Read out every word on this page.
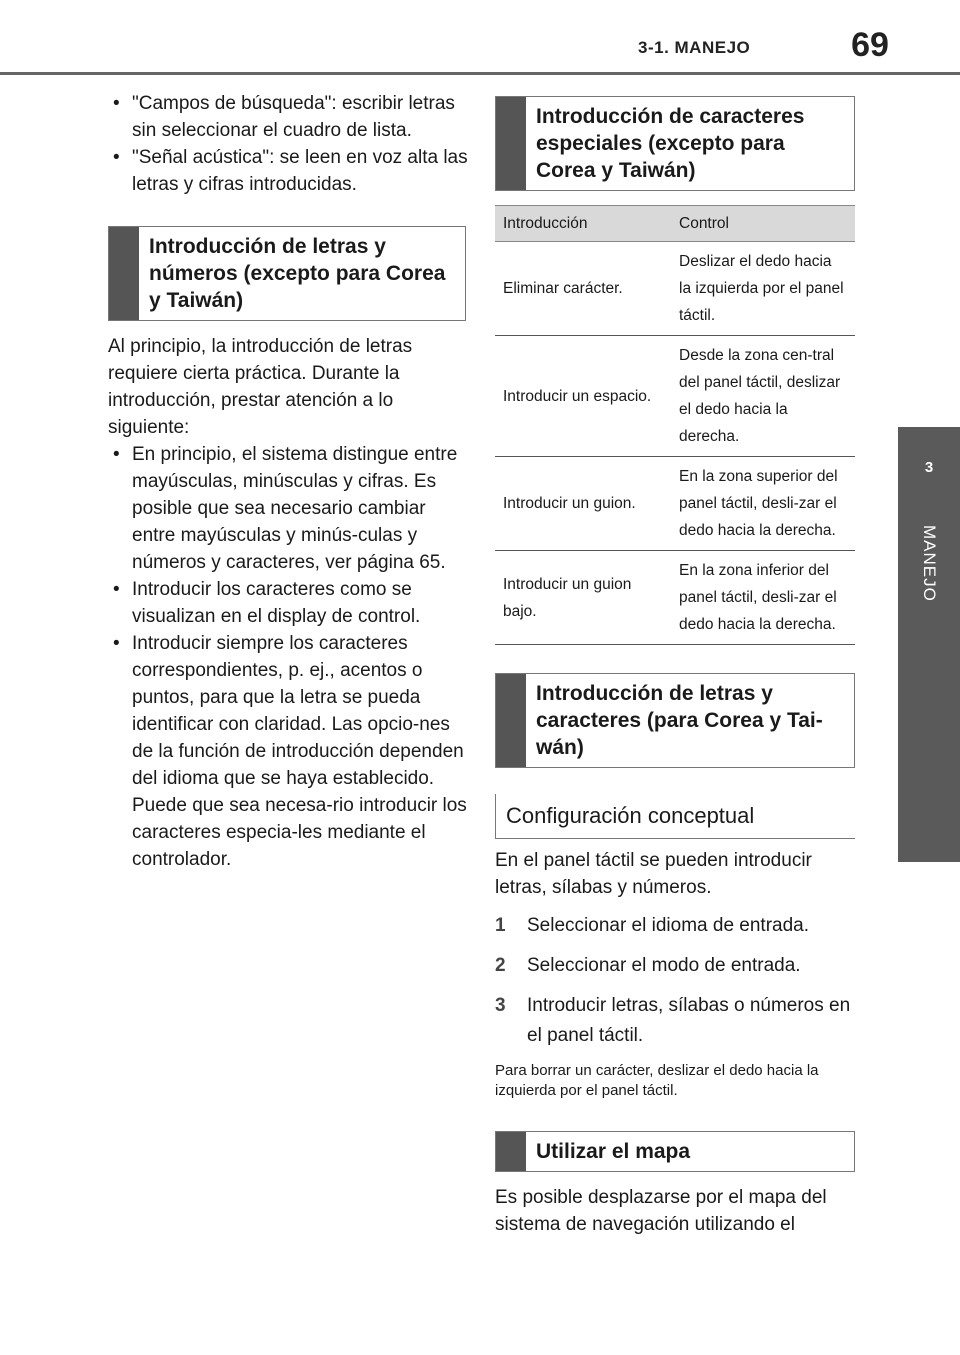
3-1. MANEJO	69
3
MANEJO
• "Campos de búsqueda": escribir letras sin seleccionar el cuadro de lista.
• "Señal acústica": se leen en voz alta las letras y cifras introducidas.
Introducción de letras y números (excepto para Corea y Taiwán)
Al principio, la introducción de letras requiere cierta práctica. Durante la introducción, prestar atención a lo siguiente:
• En principio, el sistema distingue entre mayúsculas, minúsculas y cifras. Es posible que sea necesario cambiar entre mayúsculas y minús-culas y números y caracteres, ver página 65.
• Introducir los caracteres como se visualizan en el display de control.
• Introducir siempre los caracteres correspondientes, p. ej., acentos o puntos, para que la letra se pueda identificar con claridad. Las opcio-nes de la función de introducción dependen del idioma que se haya establecido. Puede que sea necesa-rio introducir los caracteres especia-les mediante el controlador.
Introducción de caracteres especiales (excepto para Corea y Taiwán)
Introducción	Control
Eliminar carácter.	Deslizar el dedo hacia la izquierda por el panel táctil.
Introducir un espacio.	Desde la zona cen-tral del panel táctil, deslizar el dedo hacia la derecha.
Introducir un guion.	En la zona superior del panel táctil, desli-zar el dedo hacia la derecha.
Introducir un guion bajo.	En la zona inferior del panel táctil, desli-zar el dedo hacia la derecha.
Introducción de letras y caracteres (para Corea y Tai-wán)
Configuración conceptual
En el panel táctil se pueden introducir letras, sílabas y números.
1 Seleccionar el idioma de entrada.
2 Seleccionar el modo de entrada.
3 Introducir letras, sílabas o números en el panel táctil.
Para borrar un carácter, deslizar el dedo hacia la izquierda por el panel táctil.
Utilizar el mapa
Es posible desplazarse por el mapa del sistema de navegación utilizando el
